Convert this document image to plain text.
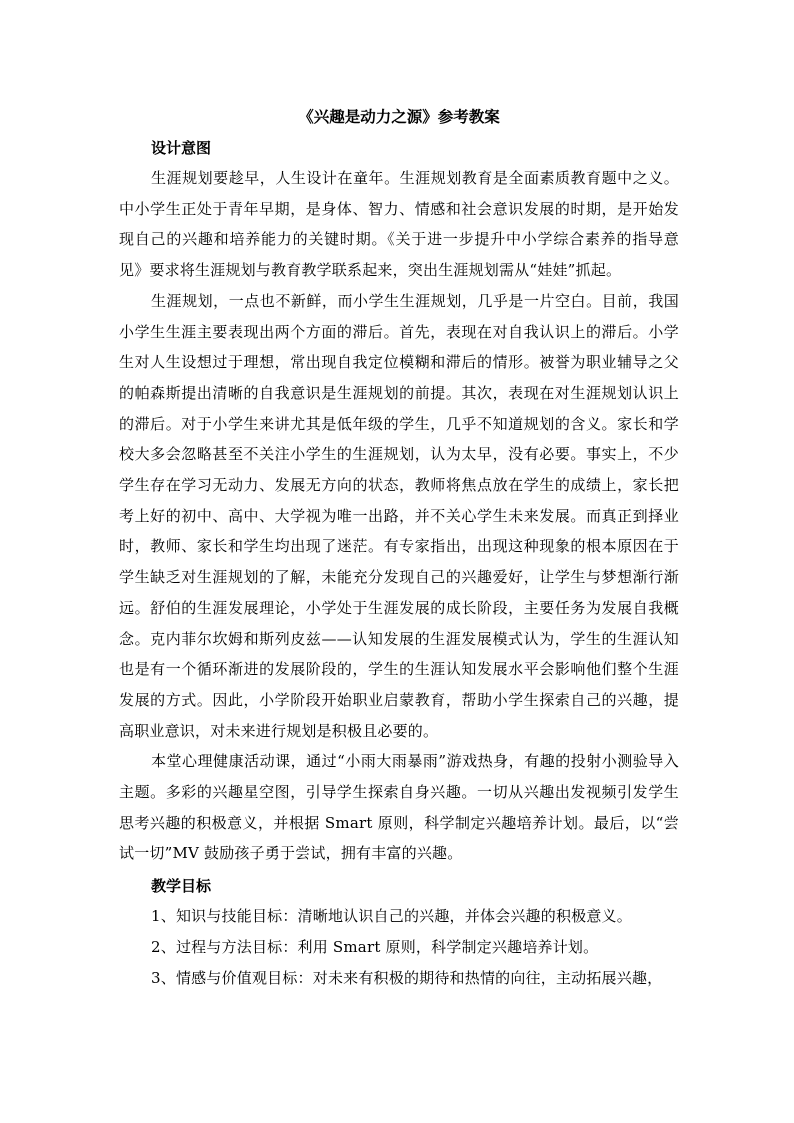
《兴趣是动力之源》参考教案
设计意图

生涯规划要趁早，人生设计在童年。生涯规划教育是全面素质教育题中之义。中小学生正处于青年早期，是身体、智力、情感和社会意识发展的时期，是开始发现自己的兴趣和培养能力的关键时期。《关于进一步提升中小学综合素养的指导意见》要求将生涯规划与教育教学联系起来，突出生涯规划需从“娃娃”抓起。

生涯规划，一点也不新鲜，而小学生生涯规划，几乎是一片空白。目前，我国小学生生涯主要表现出两个方面的滞后。首先，表现在对自我认识上的滞后。小学生对人生设想过于理想，常出现自我定位模糊和滞后的情形。被誉为职业辅导之父的帕森斯提出清晰的自我意识是生涯规划的前提。其次，表现在对生涯规划认识上的滞后。对于小学生来讲尤其是低年级的学生，几乎不知道规划的含义。家长和学校大多会忽略甚至不关注小学生的生涯规划，认为太早，没有必要。事实上，不少学生存在学习无动力、发展无方向的状态，教师将焦点放在学生的成绩上，家长把考上好的初中、高中、大学视为唯一出路，并不关心学生未来发展。而真正到择业时，教师、家长和学生均出现了迷茫。有专家指出，出现这种现象的根本原因在于学生缺乏对生涯规划的了解，未能充分发现自己的兴趣爱好，让学生与梦想渐行渐远。舒伯的生涯发展理论，小学处于生涯发展的成长阶段，主要任务为发展自我概念。克内菲尔坎姆和斯列皮兹——认知发展的生涯发展模式认为，学生的生涯认知也是有一个循环渐进的发展阶段的，学生的生涯认知发展水平会影响他们整个生涯发展的方式。因此，小学阶段开始职业启蒙教育，帮助小学生探索自己的兴趣，提高职业意识，对未来进行规划是积极且必要的。

本堂心理健康活动课，通过“小雨大雨暴雨”游戏热身，有趣的投射小测验导入主题。多彩的兴趣星空图，引导学生探索自身兴趣。一切从兴趣出发视频引发学生思考兴趣的积极意义，并根据 Smart 原则，科学制定兴趣培养计划。最后，以“尝试一切”MV 鼓励孩子勇于尝试，拥有丰富的兴趣。

教学目标

1、知识与技能目标：清晰地认识自己的兴趣，并体会兴趣的积极意义。

2、过程与方法目标：利用 Smart 原则，科学制定兴趣培养计划。

3、情感与价值观目标：对未来有积极的期待和热情的向往，主动拓展兴趣，
